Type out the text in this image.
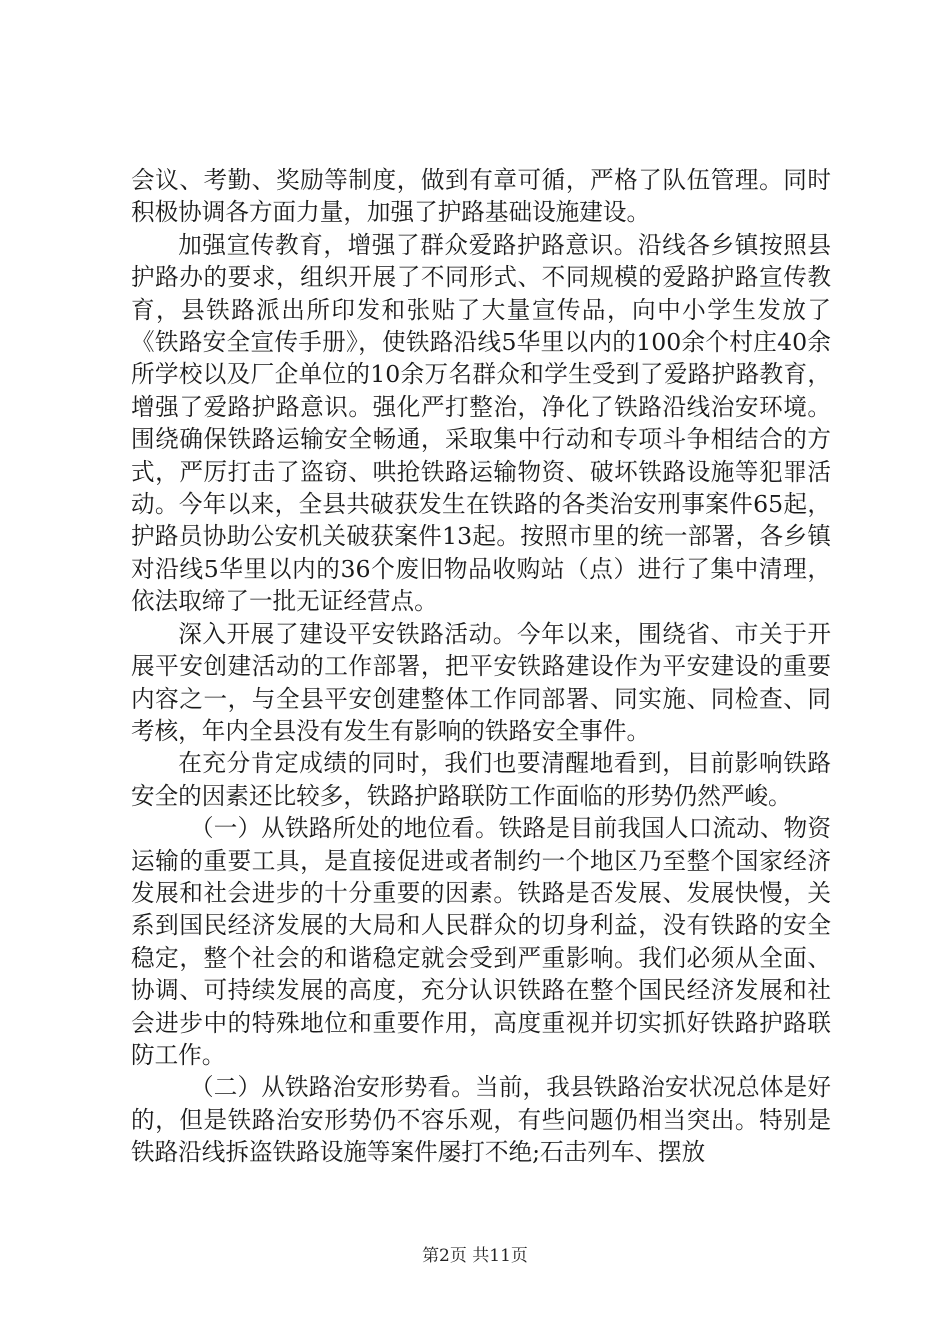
会议、考勤、奖励等制度，做到有章可循，严格了队伍管理。同时积极协调各方面力量，加强了护路基础设施建设。

加强宣传教育，增强了群众爱路护路意识。沿线各乡镇按照县护路办的要求，组织开展了不同形式、不同规模的爱路护路宣传教育，县铁路派出所印发和张贴了大量宣传品，向中小学生发放了《铁路安全宣传手册》，使铁路沿线5华里以内的100余个村庄40余所学校以及厂企单位的10余万名群众和学生受到了爱路护路教育，增强了爱路护路意识。强化严打整治，净化了铁路沿线治安环境。围绕确保铁路运输安全畅通，采取集中行动和专项斗争相结合的方式，严厉打击了盗窃、哄抢铁路运输物资、破坏铁路设施等犯罪活动。今年以来，全县共破获发生在铁路的各类治安刑事案件65起，护路员协助公安机关破获案件13起。按照市里的统一部署，各乡镇对沿线5华里以内的36个废旧物品收购站（点）进行了集中清理，依法取缔了一批无证经营点。

深入开展了建设平安铁路活动。今年以来，围绕省、市关于开展平安创建活动的工作部署，把平安铁路建设作为平安建设的重要内容之一，与全县平安创建整体工作同部署、同实施、同检查、同考核，年内全县没有发生有影响的铁路安全事件。

在充分肯定成绩的同时，我们也要清醒地看到，目前影响铁路安全的因素还比较多，铁路护路联防工作面临的形势仍然严峻。

（一）从铁路所处的地位看。铁路是目前我国人口流动、物资运输的重要工具，是直接促进或者制约一个地区乃至整个国家经济发展和社会进步的十分重要的因素。铁路是否发展、发展快慢，关系到国民经济发展的大局和人民群众的切身利益，没有铁路的安全稳定，整个社会的和谐稳定就会受到严重影响。我们必须从全面、协调、可持续发展的高度，充分认识铁路在整个国民经济发展和社会进步中的特殊地位和重要作用，高度重视并切实抓好铁路护路联防工作。

（二）从铁路治安形势看。当前，我县铁路治安状况总体是好的，但是铁路治安形势仍不容乐观，有些问题仍相当突出。特别是铁路沿线拆盗铁路设施等案件屡打不绝;石击列车、摆放

第2页 共11页
